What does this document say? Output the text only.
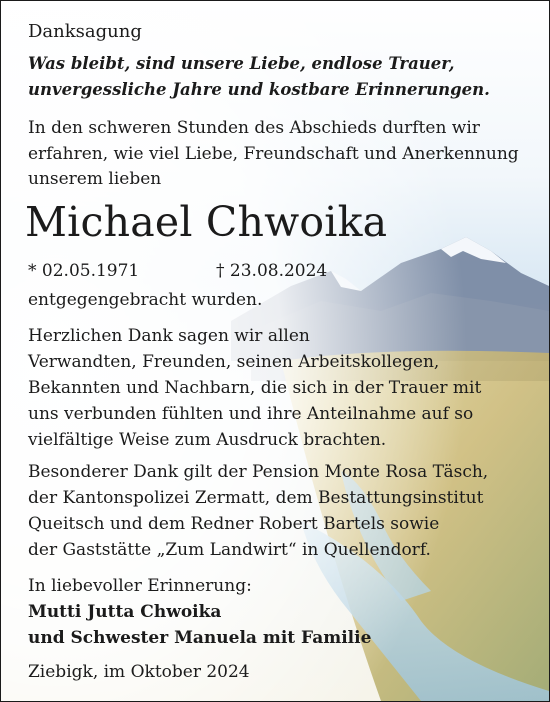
Danksagung
Was bleibt, sind unsere Liebe, endlose Trauer,
unvergessliche Jahre und kostbare Erinnerungen.
In den schweren Stunden des Abschieds durften wir
erfahren, wie viel Liebe, Freundschaft und Anerkennung
unserem lieben
Michael Chwoika
* 02.05.1971	† 23.08.2024
entgegengebracht wurden.
Herzlichen Dank sagen wir allen
Verwandten, Freunden, seinen Arbeitskollegen,
Bekannten und Nachbarn, die sich in der Trauer mit
uns verbunden fühlten und ihre Anteilnahme auf so
vielfältige Weise zum Ausdruck brachten.
Besonderer Dank gilt der Pension Monte Rosa Täsch,
der Kantonspolizei Zermatt, dem Bestattungsinstitut
Queitsch und dem Redner Robert Bartels sowie
der Gaststätte „Zum Landwirt“ in Quellendorf.
In liebevoller Erinnerung:
Mutti Jutta Chwoika
und Schwester Manuela mit Familie
Ziebigk, im Oktober 2024
